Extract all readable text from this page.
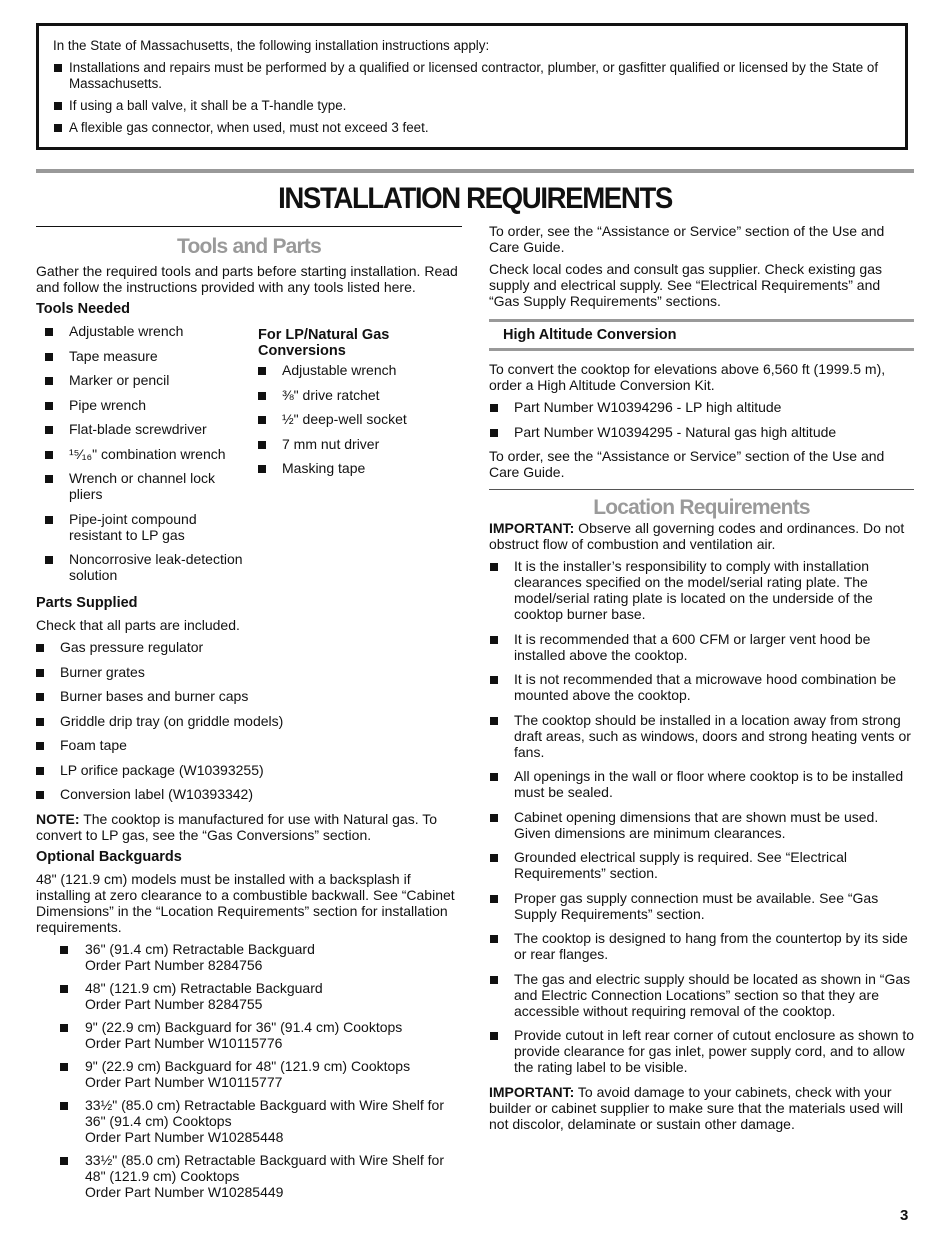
In the State of Massachusetts, the following installation instructions apply:

Installations and repairs must be performed by a qualified or licensed contractor, plumber, or gasfitter qualified or licensed by the State of Massachusetts.
If using a ball valve, it shall be a T-handle type.
A flexible gas connector, when used, must not exceed 3 feet.
INSTALLATION REQUIREMENTS
Tools and Parts

Gather the required tools and parts before starting installation. Read and follow the instructions provided with any tools listed here.

Tools Needed
Adjustable wrench
Tape measure
Marker or pencil
Pipe wrench
Flat-blade screwdriver
¹⁵⁄₁₆" combination wrench
Wrench or channel lock pliers
Pipe-joint compound resistant to LP gas
Noncorrosive leak-detection solution
For LP/Natural Gas Conversions
Adjustable wrench
⅜" drive ratchet
½" deep-well socket
7 mm nut driver
Masking tape
Parts Supplied

Check that all parts are included.

Gas pressure regulator
Burner grates
Burner bases and burner caps
Griddle drip tray (on griddle models)
Foam tape
LP orifice package (W10393255)
Conversion label (W10393342)

NOTE: The cooktop is manufactured for use with Natural gas. To convert to LP gas, see the “Gas Conversions” section.

Optional Backguards

48" (121.9 cm) models must be installed with a backsplash if installing at zero clearance to a combustible backwall. See “Cabinet Dimensions” in the “Location Requirements” section for installation requirements.

36" (91.4 cm) Retractable Backguard
Order Part Number 8284756
48" (121.9 cm) Retractable Backguard
Order Part Number 8284755
9" (22.9 cm) Backguard for 36" (91.4 cm) Cooktops
Order Part Number W10115776
9" (22.9 cm) Backguard for 48" (121.9 cm) Cooktops
Order Part Number W10115777
33½" (85.0 cm) Retractable Backguard with Wire Shelf for 36" (91.4 cm) Cooktops
Order Part Number W10285448
33½" (85.0 cm) Retractable Backguard with Wire Shelf for 48" (121.9 cm) Cooktops
Order Part Number W10285449

To order, see the “Assistance or Service” section of the Use and Care Guide.

Check local codes and consult gas supplier. Check existing gas supply and electrical supply. See “Electrical Requirements” and “Gas Supply Requirements” sections.

High Altitude Conversion

To convert the cooktop for elevations above 6,560 ft (1999.5 m), order a High Altitude Conversion Kit.

Part Number W10394296 - LP high altitude
Part Number W10394295 - Natural gas high altitude

To order, see the “Assistance or Service” section of the Use and Care Guide.

Location Requirements

IMPORTANT: Observe all governing codes and ordinances. Do not obstruct flow of combustion and ventilation air.

It is the installer’s responsibility to comply with installation clearances specified on the model/serial rating plate. The model/serial rating plate is located on the underside of the cooktop burner base.
It is recommended that a 600 CFM or larger vent hood be installed above the cooktop.
It is not recommended that a microwave hood combination be mounted above the cooktop.
The cooktop should be installed in a location away from strong draft areas, such as windows, doors and strong heating vents or fans.
All openings in the wall or floor where cooktop is to be installed must be sealed.
Cabinet opening dimensions that are shown must be used. Given dimensions are minimum clearances.
Grounded electrical supply is required. See “Electrical Requirements” section.
Proper gas supply connection must be available. See “Gas Supply Requirements” section.
The cooktop is designed to hang from the countertop by its side or rear flanges.
The gas and electric supply should be located as shown in “Gas and Electric Connection Locations” section so that they are accessible without requiring removal of the cooktop.
Provide cutout in left rear corner of cutout enclosure as shown to provide clearance for gas inlet, power supply cord, and to allow the rating label to be visible.

IMPORTANT: To avoid damage to your cabinets, check with your builder or cabinet supplier to make sure that the materials used will not discolor, delaminate or sustain other damage.

3
